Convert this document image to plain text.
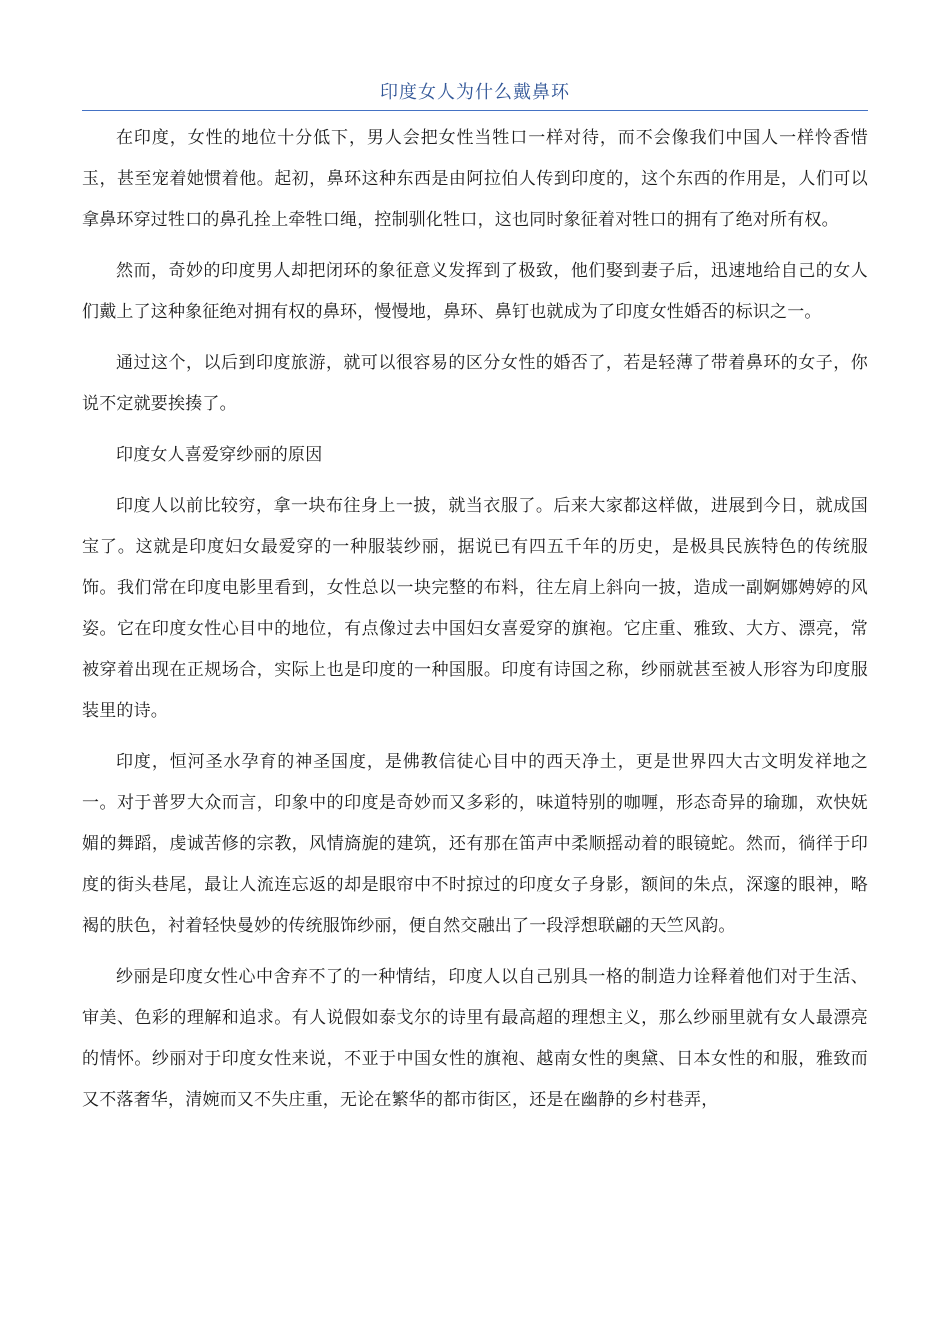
印度女人为什么戴鼻环

在印度，女性的地位十分低下，男人会把女性当牲口一样对待，而不会像我们中国人一样怜香惜玉，甚至宠着她惯着他。起初，鼻环这种东西是由阿拉伯人传到印度的，这个东西的作用是，人们可以拿鼻环穿过牲口的鼻孔拴上牵牲口绳，控制驯化牲口，这也同时象征着对牲口的拥有了绝对所有权。

然而，奇妙的印度男人却把闭环的象征意义发挥到了极致，他们娶到妻子后，迅速地给自己的女人们戴上了这种象征绝对拥有权的鼻环，慢慢地，鼻环、鼻钉也就成为了印度女性婚否的标识之一。

通过这个，以后到印度旅游，就可以很容易的区分女性的婚否了，若是轻薄了带着鼻环的女子，你说不定就要挨揍了。

印度女人喜爱穿纱丽的原因

印度人以前比较穷，拿一块布往身上一披，就当衣服了。后来大家都这样做，进展到今日，就成国宝了。这就是印度妇女最爱穿的一种服装纱丽，据说已有四五千年的历史，是极具民族特色的传统服饰。我们常在印度电影里看到，女性总以一块完整的布料，往左肩上斜向一披，造成一副婀娜娉婷的风姿。它在印度女性心目中的地位，有点像过去中国妇女喜爱穿的旗袍。它庄重、雅致、大方、漂亮，常被穿着出现在正规场合，实际上也是印度的一种国服。印度有诗国之称，纱丽就甚至被人形容为印度服装里的诗。

印度，恒河圣水孕育的神圣国度，是佛教信徒心目中的西天净土，更是世界四大古文明发祥地之一。对于普罗大众而言，印象中的印度是奇妙而又多彩的，味道特别的咖喱，形态奇异的瑜珈，欢快妩媚的舞蹈，虔诚苦修的宗教，风情旖旎的建筑，还有那在笛声中柔顺摇动着的眼镜蛇。然而，徜徉于印度的街头巷尾，最让人流连忘返的却是眼帘中不时掠过的印度女子身影，额间的朱点，深邃的眼神，略褐的肤色，衬着轻快曼妙的传统服饰纱丽，便自然交融出了一段浮想联翩的天竺风韵。

纱丽是印度女性心中舍弃不了的一种情结，印度人以自己别具一格的制造力诠释着他们对于生活、审美、色彩的理解和追求。有人说假如泰戈尔的诗里有最高超的理想主义，那么纱丽里就有女人最漂亮的情怀。纱丽对于印度女性来说，不亚于中国女性的旗袍、越南女性的奥黛、日本女性的和服，雅致而又不落奢华，清婉而又不失庄重，无论在繁华的都市街区，还是在幽静的乡村巷弄，
